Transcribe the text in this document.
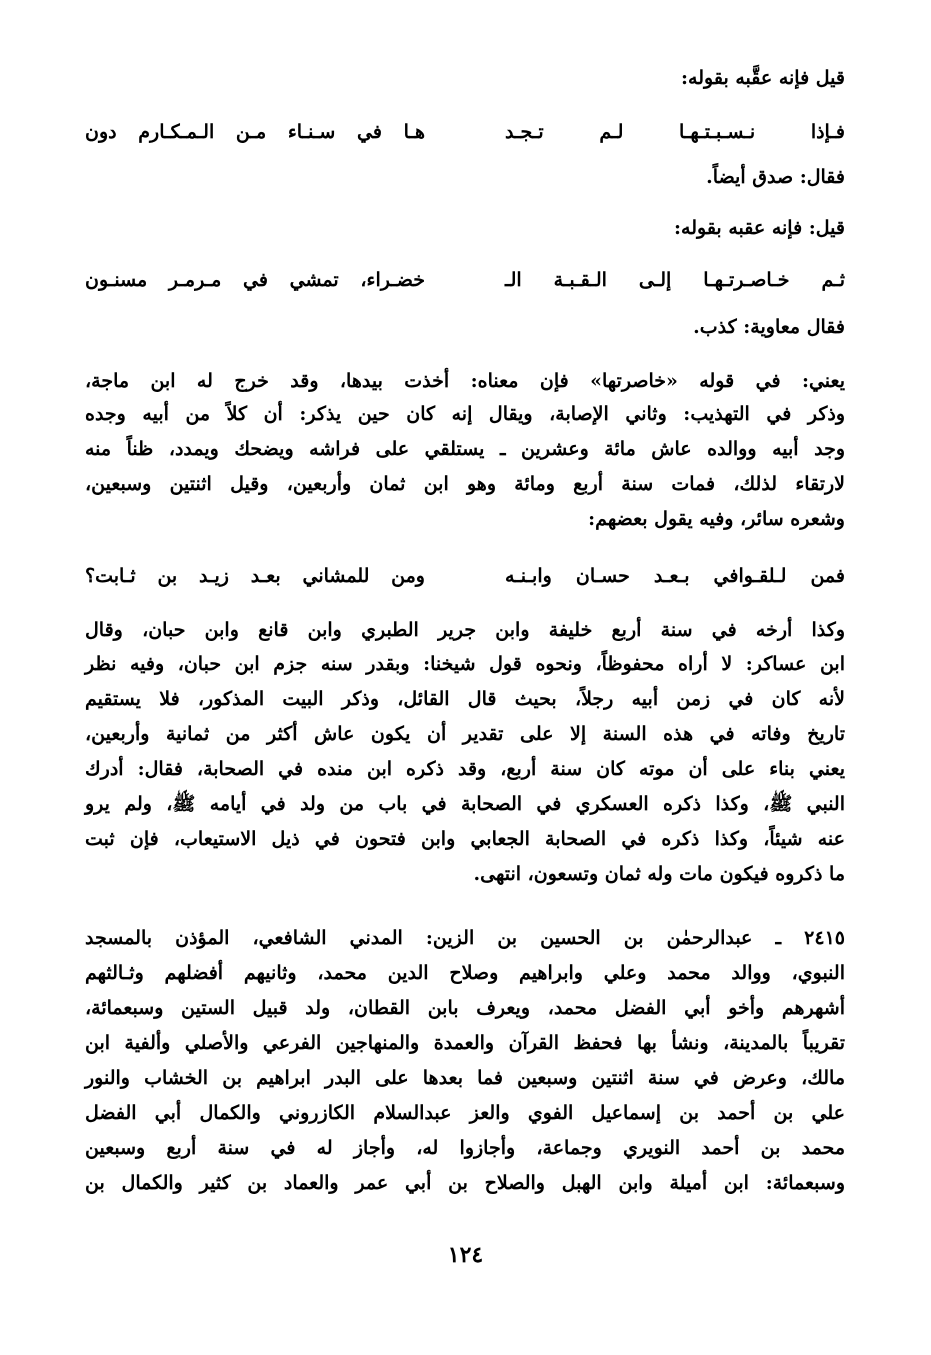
قيل فإنه عقَّبه بقوله:
فـإذا نـسـبـتـهـا لـم تـجـد
هـا في سـنـاء مـن الـمـكـارم دون
فقال: صدق أيضاً.
قيل: فإنه عقبه بقوله:
ثـم خـاصـرتـهـا إلـى الـقـبـة الـ
خضـراء، تمشي في مـرمـر مسنـون
فقال معاوية: كذب.
يعني: في قوله «خاصرتها» فإن معناه: أخذت بيدها، وقد خرج له ابن ماجة،
وذكر في التهذيب: وثاني الإصابة، ويقال إنه كان حين يذكر: أن كلاً من أبيه وجده
وجد أبيه ووالده عاش مائة وعشرين ـ يستلقي على فراشه ويضحك ويمدد، ظناً منه
لارتقاء لذلك، فمات سنة أربع ومائة وهو ابن ثمان وأربعين، وقيل اثنتين وسبعين،
وشعره سائر، وفيه يقول بعضهم:
فمن لـلقـوافي بـعـد حسـان وابـنـه
ومن للمشاني بعـد زيـد بن ثـابت؟
وكذا أرخه في سنة أربع خليفة وابن جرير الطبري وابن قانع وابن حبان، وقال
ابن عساكر: لا أراه محفوظاً، ونحوه قول شيخنا: وبقدر سنه جزم ابن حبان، وفيه نظر
لأنه كان في زمن أبيه رجلاً، بحيث قال القائل، وذكر البيت المذكور، فلا يستقيم
تاريخ وفاته في هذه السنة إلا على تقدير أن يكون عاش أكثر من ثمانية وأربعين،
يعني بناء على أن موته كان سنة أربع، وقد ذكره ابن منده في الصحابة، فقال: أدرك
النبي ﷺ، وكذا ذكره العسكري في الصحابة في باب من ولد في أيامه ﷺ، ولم يرو
عنه شيئاً، وكذا ذكره في الصحابة الجعابي وابن فتحون في ذيل الاستيعاب، فإن ثبت
ما ذكروه فيكون مات وله ثمان وتسعون، انتهى.
٢٤١٥ ـ عبدالرحمٰن بن الحسين بن الزين: المدني الشافعي، المؤذن بالمسجد
النبوي، ووالد محمد وعلي وابراهيم وصلاح الدين محمد، وثانيهم أفضلهم وثـالثهم
أشهرهم وأخو أبي الفضل محمد، ويعرف بابن القطان، ولد قبيل الستين وسبعمائة،
تقريباً بالمدينة، ونشأ بها فحفظ القرآن والعمدة والمنهاجين الفرعي والأصلي وألفية ابن
مالك، وعرض في سنة اثنتين وسبعين فما بعدها على البدر ابراهيم بن الخشاب والنور
علي بن أحمد بن إسماعيل الفوي والعز عبدالسلام الكازروني والكمال أبي الفضل
محمد بن أحمد النويري وجماعة، وأجازوا له، وأجاز له في سنة أربع وسبعين
وسبعمائة: ابن أميلة وابن الهبل والصلاح بن أبي عمر والعماد بن كثير والكمال بن
١٢٤
